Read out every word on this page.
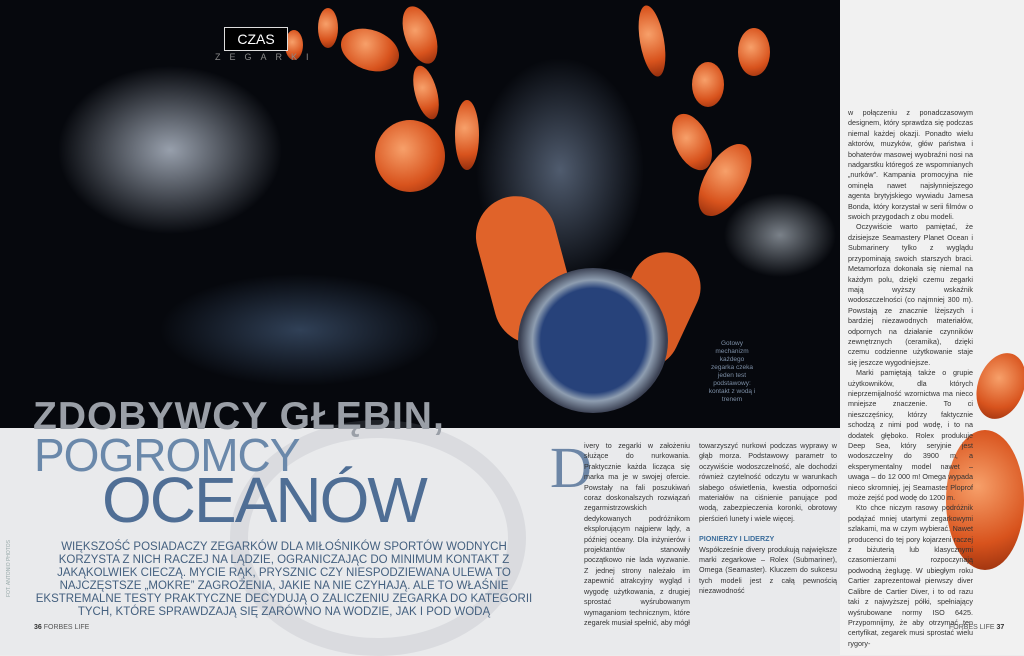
CZAS
ZEGARKI
ZDOBYWCY GŁĘBIN,
POGROMCY
OCEANÓW
WIĘKSZOŚĆ POSIADACZY ZEGARKÓW DLA MIŁOŚNIKÓW SPORTÓW WODNYCH KORZYSTA Z NICH RACZEJ NA LĄDZIE, OGRANICZAJĄC DO MINIMUM KONTAKT Z JAKĄKOLWIEK CIECZĄ. MYCIE RĄK, PRYSZNIC CZY NIESPODZIEWANA ULEWA TO NAJCZĘSTSZE „MOKRE” ZAGROŻENIA, JAKIE NA NIE CZYHAJĄ. ALE TO WŁAŚNIE EKSTREMALNE TESTY PRAKTYCZNE DECYDUJĄ O ZALICZENIU ZEGARKA DO KATEGORII TYCH, KTÓRE SPRAWDZAJĄ SIĘ ZARÓWNO NA WODZIE, JAK I POD WODĄ
FOT. ANTONIO PHOTOS
Gotowy mechanizm każdego zegarka czeka jeden test podstawowy: kontakt z wodą i trenem
D
ivery to zegarki w założeniu służące do nurkowania. Praktycznie każda licząca się marka ma je w swojej ofercie. Powstały na fali poszukiwań coraz doskonalszych rozwiązań zegarmistrzowskich dedykowanych podróżnikom eksplorującym najpierw lądy, a później oceany. Dla inżynierów i projektantów stanowiły początkowo nie lada wyzwanie. Z jednej strony należało im zapewnić atrakcyjny wygląd i wygodę użytkowania, z drugiej sprostać wyśrubowanym wymaganiom technicznym, które zegarek musiał spełnić, aby mógł
towarzyszyć nurkowi podczas wyprawy w głąb morza. Podstawowy parametr to oczywiście wodoszczelność, ale dochodzi również czytelność odczytu w warunkach słabego oświetlenia, kwestia odporności materiałów na ciśnienie panujące pod wodą, zabezpieczenia koronki, obrotowy pierścień lunety i wiele więcej.
PIONIERZY I LIDERZY
Współcześnie divery produkują największe marki zegarkowe – Rolex (Submariner), Omega (Seamaster). Kluczem do sukcesu tych modeli jest z całą pewnością niezawodność
w połączeniu z ponadczasowym designem, który sprawdza się podczas niemal każdej okazji. Ponadto wielu aktorów, muzyków, głów państwa i bohaterów masowej wyobraźni nosi na nadgarstku któregoś ze wspomnianych „nurków”. Kampania promocyjna nie ominęła nawet najsłynniejszego agenta brytyjskiego wywiadu Jamesa Bonda, który korzystał w serii filmów o swoich przygodach z obu modeli.
Oczywiście warto pamiętać, że dzisiejsze Seamastery Planet Ocean i Submarinery tylko z wyglądu przypominają swoich starszych braci. Metamorfoza dokonała się niemal na każdym polu, dzięki czemu zegarki mają wyższy wskaźnik wodoszczelności (co najmniej 300 m). Powstają ze znacznie lżejszych i bardziej niezawodnych materiałów, odpornych na działanie czynników zewnętrznych (ceramika), dzięki czemu codzienne użytkowanie staje się jeszcze wygodniejsze.
Marki pamiętają także o grupie użytkowników, dla których nieprzemijalność wzornictwa ma nieco mniejsze znaczenie. To ci nieszczęśnicy, którzy faktycznie schodzą z nimi pod wodę, i to na dodatek głęboko. Rolex produkuje Deep Sea, który seryjnie jest wodoszczelny do 3900 m, a eksperymentalny model nawet – uwaga – do 12 000 m! Omega wypada nieco skromniej, jej Seamaster Ploprof może zejść pod wodę do 1200 m.
Kto chce niczym rasowy podróżnik podążać mniej utartymi zegarkowymi szlakami, ma w czym wybierać. Nawet producenci do tej pory kojarzeni raczej z biżuterią lub klasycznymi czasomierzami rozpoczynają podwodną żeglugę. W ubiegłym roku Cartier zaprezentował pierwszy diver Calibre de Cartier Diver, i to od razu taki z najwyższej półki, spełniający wyśrubowane normy ISO 6425. Przypomnijmy, że aby otrzymać ten certyfikat, zegarek musi sprostać wielu rygory-
36 FORBES LIFE	FORBES LIFE 37
